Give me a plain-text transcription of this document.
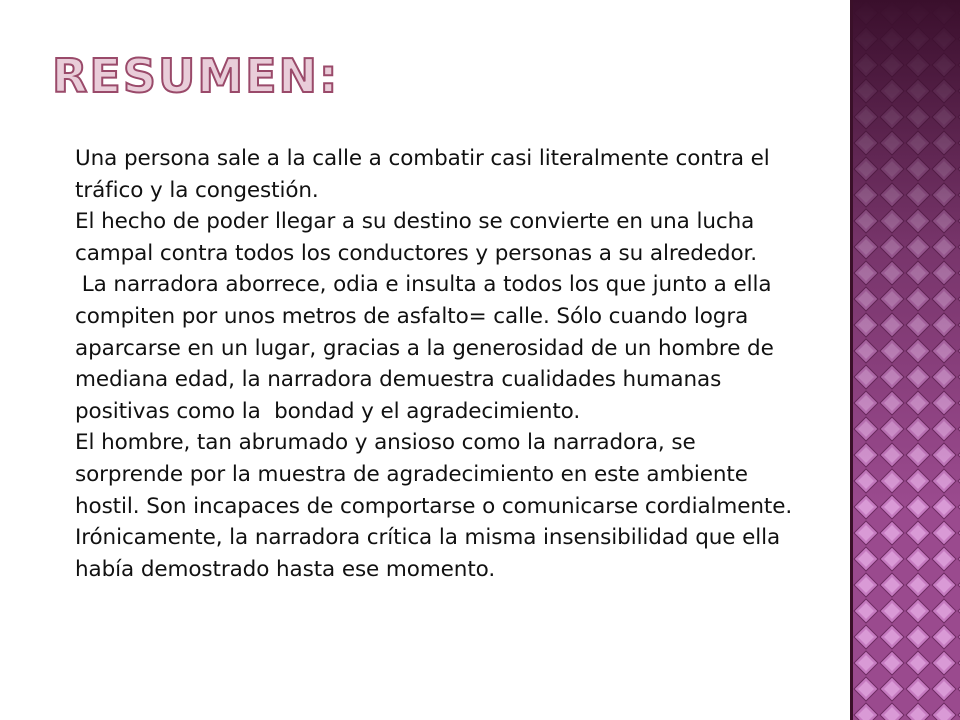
RESUMEN:

Una persona sale a la calle a combatir casi literalmente contra el tráfico y la congestión.

El hecho de poder llegar a su destino se convierte en una lucha campal contra todos los conductores y personas a su alrededor.

La narradora aborrece, odia e insulta a todos los que junto a ella compiten por unos metros de asfalto= calle. Sólo cuando logra aparcarse en un lugar, gracias a la generosidad de un hombre de mediana edad, la narradora demuestra cualidades humanas positivas como la  bondad y el agradecimiento.

El hombre, tan abrumado y ansioso como la narradora, se sorprende por la muestra de agradecimiento en este ambiente hostil. Son incapaces de comportarse o comunicarse cordialmente. Irónicamente, la narradora crítica la misma insensibilidad que ella había demostrado hasta ese momento.
